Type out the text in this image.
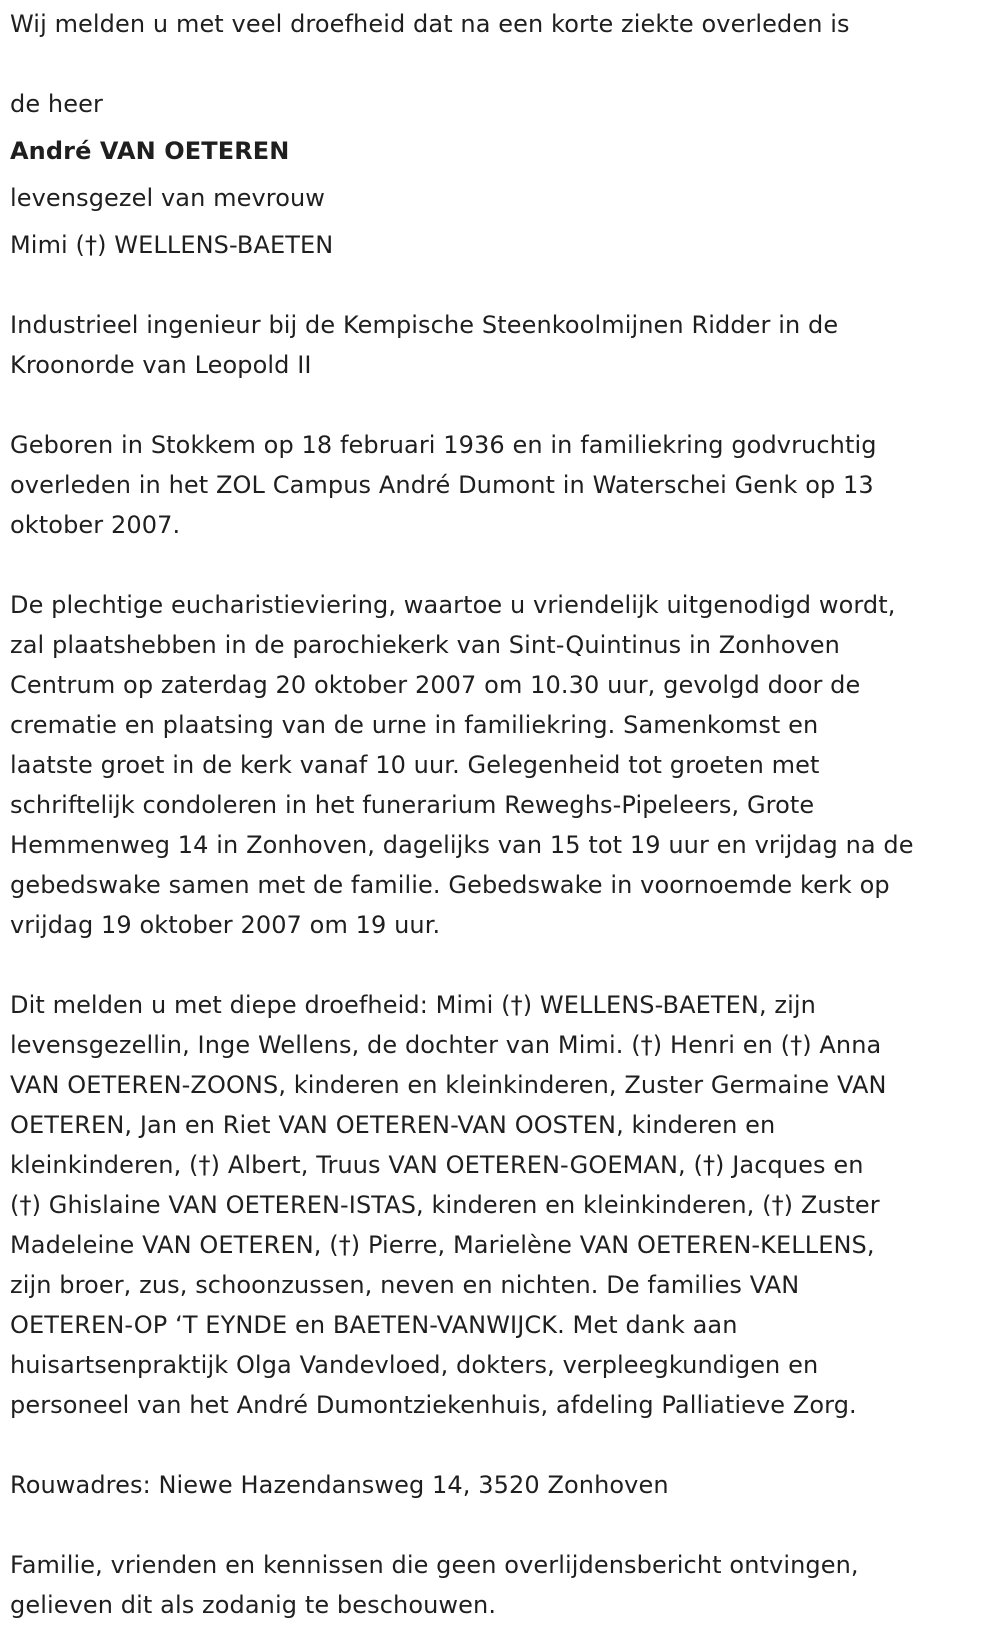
Wij melden u met veel droefheid dat na een korte ziekte overleden is

de heer

André VAN OETEREN

levensgezel van mevrouw

Mimi (†) WELLENS-BAETEN

Industrieel ingenieur bij de Kempische Steenkoolmijnen Ridder in de
Kroonorde van Leopold II

Geboren in Stokkem op 18 februari 1936 en in familiekring godvruchtig
overleden in het ZOL Campus André Dumont in Waterschei Genk op 13
oktober 2007.

De plechtige eucharistieviering, waartoe u vriendelijk uitgenodigd wordt,
zal plaatshebben in de parochiekerk van Sint-Quintinus in Zonhoven
Centrum op zaterdag 20 oktober 2007 om 10.30 uur, gevolgd door de
crematie en plaatsing van de urne in familiekring. Samenkomst en
laatste groet in de kerk vanaf 10 uur. Gelegenheid tot groeten met
schriftelijk condoleren in het funerarium Reweghs-Pipeleers, Grote
Hemmenweg 14 in Zonhoven, dagelijks van 15 tot 19 uur en vrijdag na de
gebedswake samen met de familie. Gebedswake in voornoemde kerk op
vrijdag 19 oktober 2007 om 19 uur.

Dit melden u met diepe droefheid: Mimi (†) WELLENS-BAETEN, zijn
levensgezellin, Inge Wellens, de dochter van Mimi. (†) Henri en (†) Anna
VAN OETEREN-ZOONS, kinderen en kleinkinderen, Zuster Germaine VAN
OETEREN, Jan en Riet VAN OETEREN-VAN OOSTEN, kinderen en
kleinkinderen, (†) Albert, Truus VAN OETEREN-GOEMAN, (†) Jacques en
(†) Ghislaine VAN OETEREN-ISTAS, kinderen en kleinkinderen, (†) Zuster
Madeleine VAN OETEREN, (†) Pierre, Marielène VAN OETEREN-KELLENS,
zijn broer, zus, schoonzussen, neven en nichten. De families VAN
OETEREN-OP ‘T EYNDE en BAETEN-VANWIJCK. Met dank aan
huisartsenpraktijk Olga Vandevloed, dokters, verpleegkundigen en
personeel van het André Dumontziekenhuis, afdeling Palliatieve Zorg.

Rouwadres: Niewe Hazendansweg 14, 3520 Zonhoven

Familie, vrienden en kennissen die geen overlijdensbericht ontvingen,
gelieven dit als zodanig te beschouwen.
